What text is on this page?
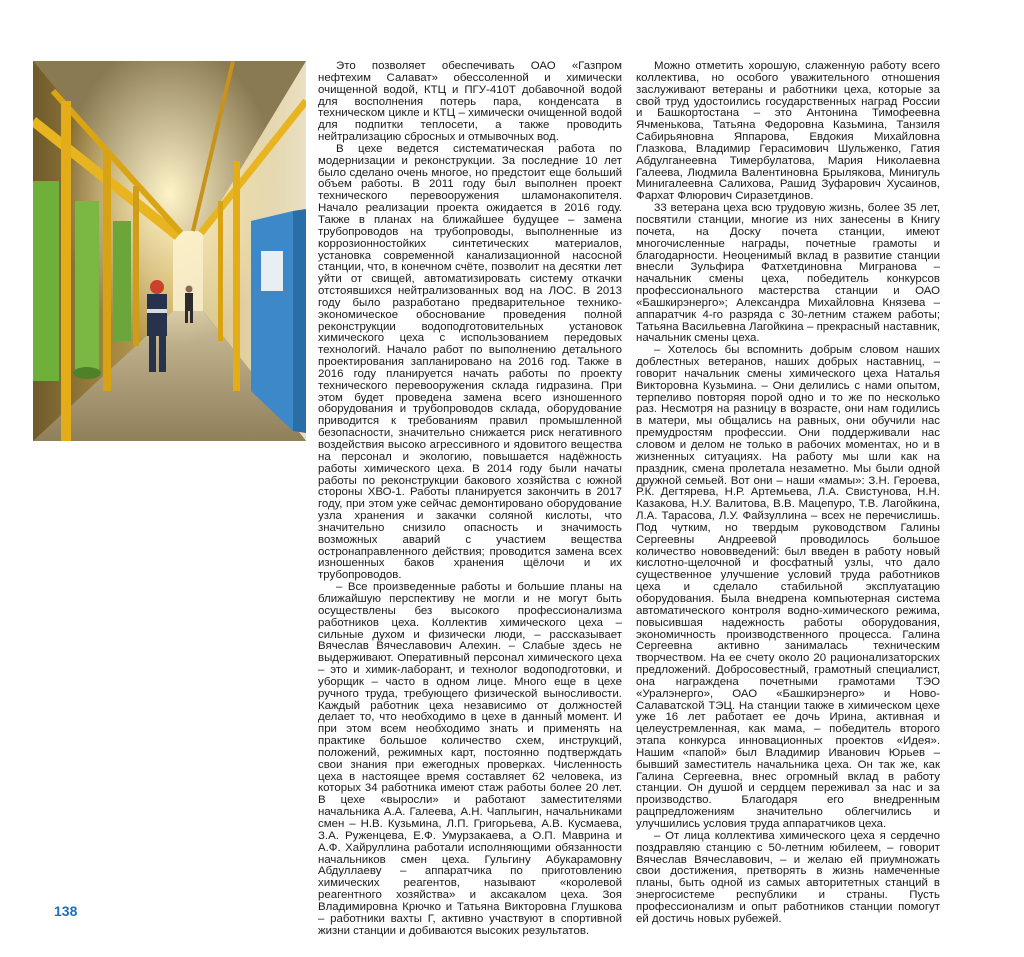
Это позволяет обеспечивать ОАО «Газпром нефтехим Салават» обессоленной и химически очищенной водой, КТЦ и ПГУ-410Т добавочной водой для восполнения потерь пара, конденсата в техническом цикле и КТЦ – химически очищенной водой для подпитки теплосети, а также проводить нейтрализацию сбросных и отмывочных вод.

В цехе ведется систематическая работа по модернизации и реконструкции. За последние 10 лет было сделано очень многое, но предстоит еще больший объем работы. В 2011 году был выполнен проект технического перевооружения шламонакопителя. Начало реализации проекта ожидается в 2016 году. Также в планах на ближайшее будущее – замена трубопроводов на трубопроводы, выполненные из коррозионностойких синтетических материалов, установка современной канализационной насосной станции, что, в конечном счёте, позволит на десятки лет уйти от свищей, автоматизировать систему откачки отстоявшихся нейтрализованных вод на ЛОС. В 2013 году было разработано предварительное технико-экономическое обоснование проведения полной реконструкции водоподготовительных установок химического цеха с использованием передовых технологий. Начало работ по выполнению детального проектирования запланировано на 2016 год. Также в 2016 году планируется начать работы по проекту технического перевооружения склада гидразина. При этом будет проведена замена всего изношенного оборудования и трубопроводов склада, оборудование приводится к требованиям правил промышленной безопасности, значительно снижается риск негативного воздействия высоко агрессивного и ядовитого вещества на персонал и экологию, повышается надёжность работы химического цеха. В 2014 году были начаты работы по реконструкции бакового хозяйства с южной стороны ХВО-1. Работы планируется закончить в 2017 году, при этом уже сейчас демонтировано оборудование узла хранения и закачки соляной кислоты, что значительно снизило опасность и значимость возможных аварий с участием вещества остронаправленного действия; проводится замена всех изношенных баков хранения щёлочи и их трубопроводов.

– Все произведенные работы и большие планы на ближайшую перспективу не могли и не могут быть осуществлены без высокого профессионализма работников цеха. Коллектив химического цеха – сильные духом и физически люди, – рассказывает Вячеслав Вячеславович Алехин. – Слабые здесь не выдерживают. Оперативный персонал химического цеха – это и химик-лаборант, и технолог водоподготовки, и уборщик – часто в одном лице. Много еще в цехе ручного труда, требующего физической выносливости. Каждый работник цеха независимо от должностей делает то, что необходимо в цехе в данный момент. И при этом всем необходимо знать и применять на практике большое количество схем, инструкций, положений, режимных карт, постоянно подтверждать свои знания при ежегодных проверках. Численность цеха в настоящее время составляет 62 человека, из которых 34 работника имеют стаж работы более 20 лет. В цехе «выросли» и работают заместителями начальника А.А. Галеева, А.Н. Чаплыгин, начальниками смен – Н.В. Кузьмина, Л.П. Григорьева, А.В. Кусмаева, З.А. Руженцева, Е.Ф. Умурзакаева, а О.П. Маврина и А.Ф. Хайруллина работали исполняющими обязанности начальников смен цеха. Гульгину Абукарамовну Абдуллаеву – аппаратчика по приготовлению химических реагентов, называют «королевой реагентного хозяйства» и аксакалом цеха. Зоя Владимировна Крючко и Татьяна Викторовна Глушкова – работники вахты Г, активно участвуют в спортивной жизни станции и добиваются высоких результатов.

Можно отметить хорошую, слаженную работу всего коллектива, но особого уважительного отношения заслуживают ветераны и работники цеха, которые за свой труд удостоились государственных наград России и Башкортостана – это Антонина Тимофеевна Ячменькова, Татьяна Федоровна Казьмина, Танзиля Сабирьяновна Яппарова, Евдокия Михайловна Глазкова, Владимир Герасимович Шульженко, Гатия Абдулганеевна Тимербулатова, Мария Николаевна Галеева, Людмила Валентиновна Брылякова, Минигуль Минигалеевна Салихова, Рашид Зуфарович Хусаинов, Фархат Флюрович Сиразетдинов.

33 ветерана цеха всю трудовую жизнь, более 35 лет, посвятили станции, многие из них занесены в Книгу почета, на Доску почета станции, имеют многочисленные награды, почетные грамоты и благодарности. Неоценимый вклад в развитие станции внесли Зульфира Фатхетдиновна Мигранова – начальник смены цеха, победитель конкурсов профессионального мастерства станции и ОАО «Башкирэнерго»; Александра Михайловна Князева – аппаратчик 4-го разряда с 30-летним стажем работы; Татьяна Васильевна Лагойкина – прекрасный наставник, начальник смены цеха.

– Хотелось бы вспомнить добрым словом наших доблестных ветеранов, наших добрых наставниц, – говорит начальник смены химического цеха Наталья Викторовна Кузьмина. – Они делились с нами опытом, терпеливо повторяя порой одно и то же по несколько раз. Несмотря на разницу в возрасте, они нам годились в матери, мы общались на равных, они обучили нас премудростям профессии. Они поддерживали нас словом и делом не только в рабочих моментах, но и в жизненных ситуациях. На работу мы шли как на праздник, смена пролетала незаметно. Мы были одной дружной семьей. Вот они – наши «мамы»: З.Н. Героева, Р.К. Дегтярева, Н.Р. Артемьева, Л.А. Свистунова, Н.Н. Казакова, Н.У. Валитова, В.В. Мацепуро, Т.В. Лагойкина, Л.А. Тарасова, Л.У. Файзуллина – всех не перечислишь. Под чутким, но твердым руководством Галины Сергеевны Андреевой проводилось большое количество нововведений: был введен в работу новый кислотно-щелочной и фосфатный узлы, что дало существенное улучшение условий труда работников цеха и сделало стабильной эксплуатацию оборудования. Была внедрена компьютерная система автоматического контроля водно-химического режима, повысившая надежность работы оборудования, экономичность производственного процесса. Галина Сергеевна активно занималась техническим творчеством. На ее счету около 20 рационализаторских предложений. Добросовестный, грамотный специалист, она награждена почетными грамотами ТЭО «Уралэнерго», ОАО «Башкирэнерго» и Ново-Салаватской ТЭЦ. На станции также в химическом цехе уже 16 лет работает ее дочь Ирина, активная и целеустремленная, как мама, – победитель второго этапа конкурса инновационных проектов «Идея». Нашим «папой» был Владимир Иванович Юрьев – бывший заместитель начальника цеха. Он так же, как Галина Сергеевна, внес огромный вклад в работу станции. Он душой и сердцем переживал за нас и за производство. Благодаря его внедренным рацпредложениям значительно облегчились и улучшились условия труда аппаратчиков цеха.

– От лица коллектива химического цеха я сердечно поздравляю станцию с 50-летним юбилеем, – говорит Вячеслав Вячеславович, – и желаю ей приумножать свои достижения, претворять в жизнь намеченные планы, быть одной из самых авторитетных станций в энергосистеме республики и страны. Пусть профессионализм и опыт работников станции помогут ей достичь новых рубежей.

138
